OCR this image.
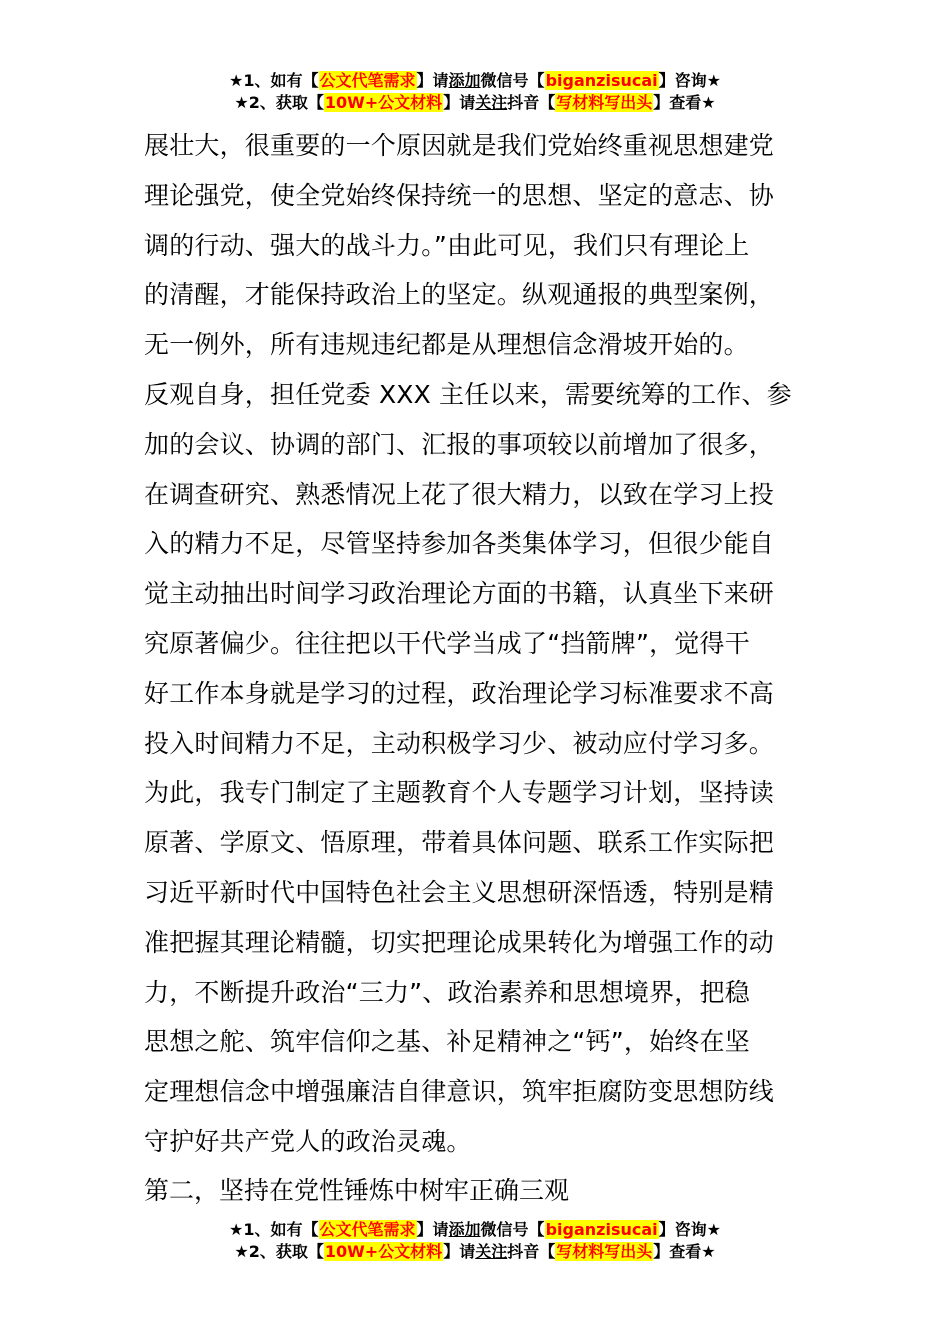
★1、如有【公文代笔需求】请添加微信号【biganzisucai】咨询★
★2、获取【10W+公文材料】请关注抖音【写材料写出头】查看★
展壮大，很重要的一个原因就是我们党始终重视思想建党
理论强党，使全党始终保持统一的思想、坚定的意志、协
调的行动、强大的战斗力。”由此可见，我们只有理论上
的清醒，才能保持政治上的坚定。纵观通报的典型案例，
无一例外，所有违规违纪都是从理想信念滑坡开始的。
反观自身，担任党委 XXX 主任以来，需要统筹的工作、参
加的会议、协调的部门、汇报的事项较以前增加了很多，
在调查研究、熟悉情况上花了很大精力，以致在学习上投
入的精力不足，尽管坚持参加各类集体学习，但很少能自
觉主动抽出时间学习政治理论方面的书籍，认真坐下来研
究原著偏少。往往把以干代学当成了“挡箭牌”，觉得干
好工作本身就是学习的过程，政治理论学习标准要求不高
投入时间精力不足，主动积极学习少、被动应付学习多。
为此，我专门制定了主题教育个人专题学习计划，坚持读
原著、学原文、悟原理，带着具体问题、联系工作实际把
习近平新时代中国特色社会主义思想研深悟透，特别是精
准把握其理论精髓，切实把理论成果转化为增强工作的动
力，不断提升政治“三力”、政治素养和思想境界，把稳
思想之舵、筑牢信仰之基、补足精神之“钙”，始终在坚
定理想信念中增强廉洁自律意识，筑牢拒腐防变思想防线
守护好共产党人的政治灵魂。
第二，坚持在党性锤炼中树牢正确三观
★1、如有【公文代笔需求】请添加微信号【biganzisucai】咨询★
★2、获取【10W+公文材料】请关注抖音【写材料写出头】查看★
